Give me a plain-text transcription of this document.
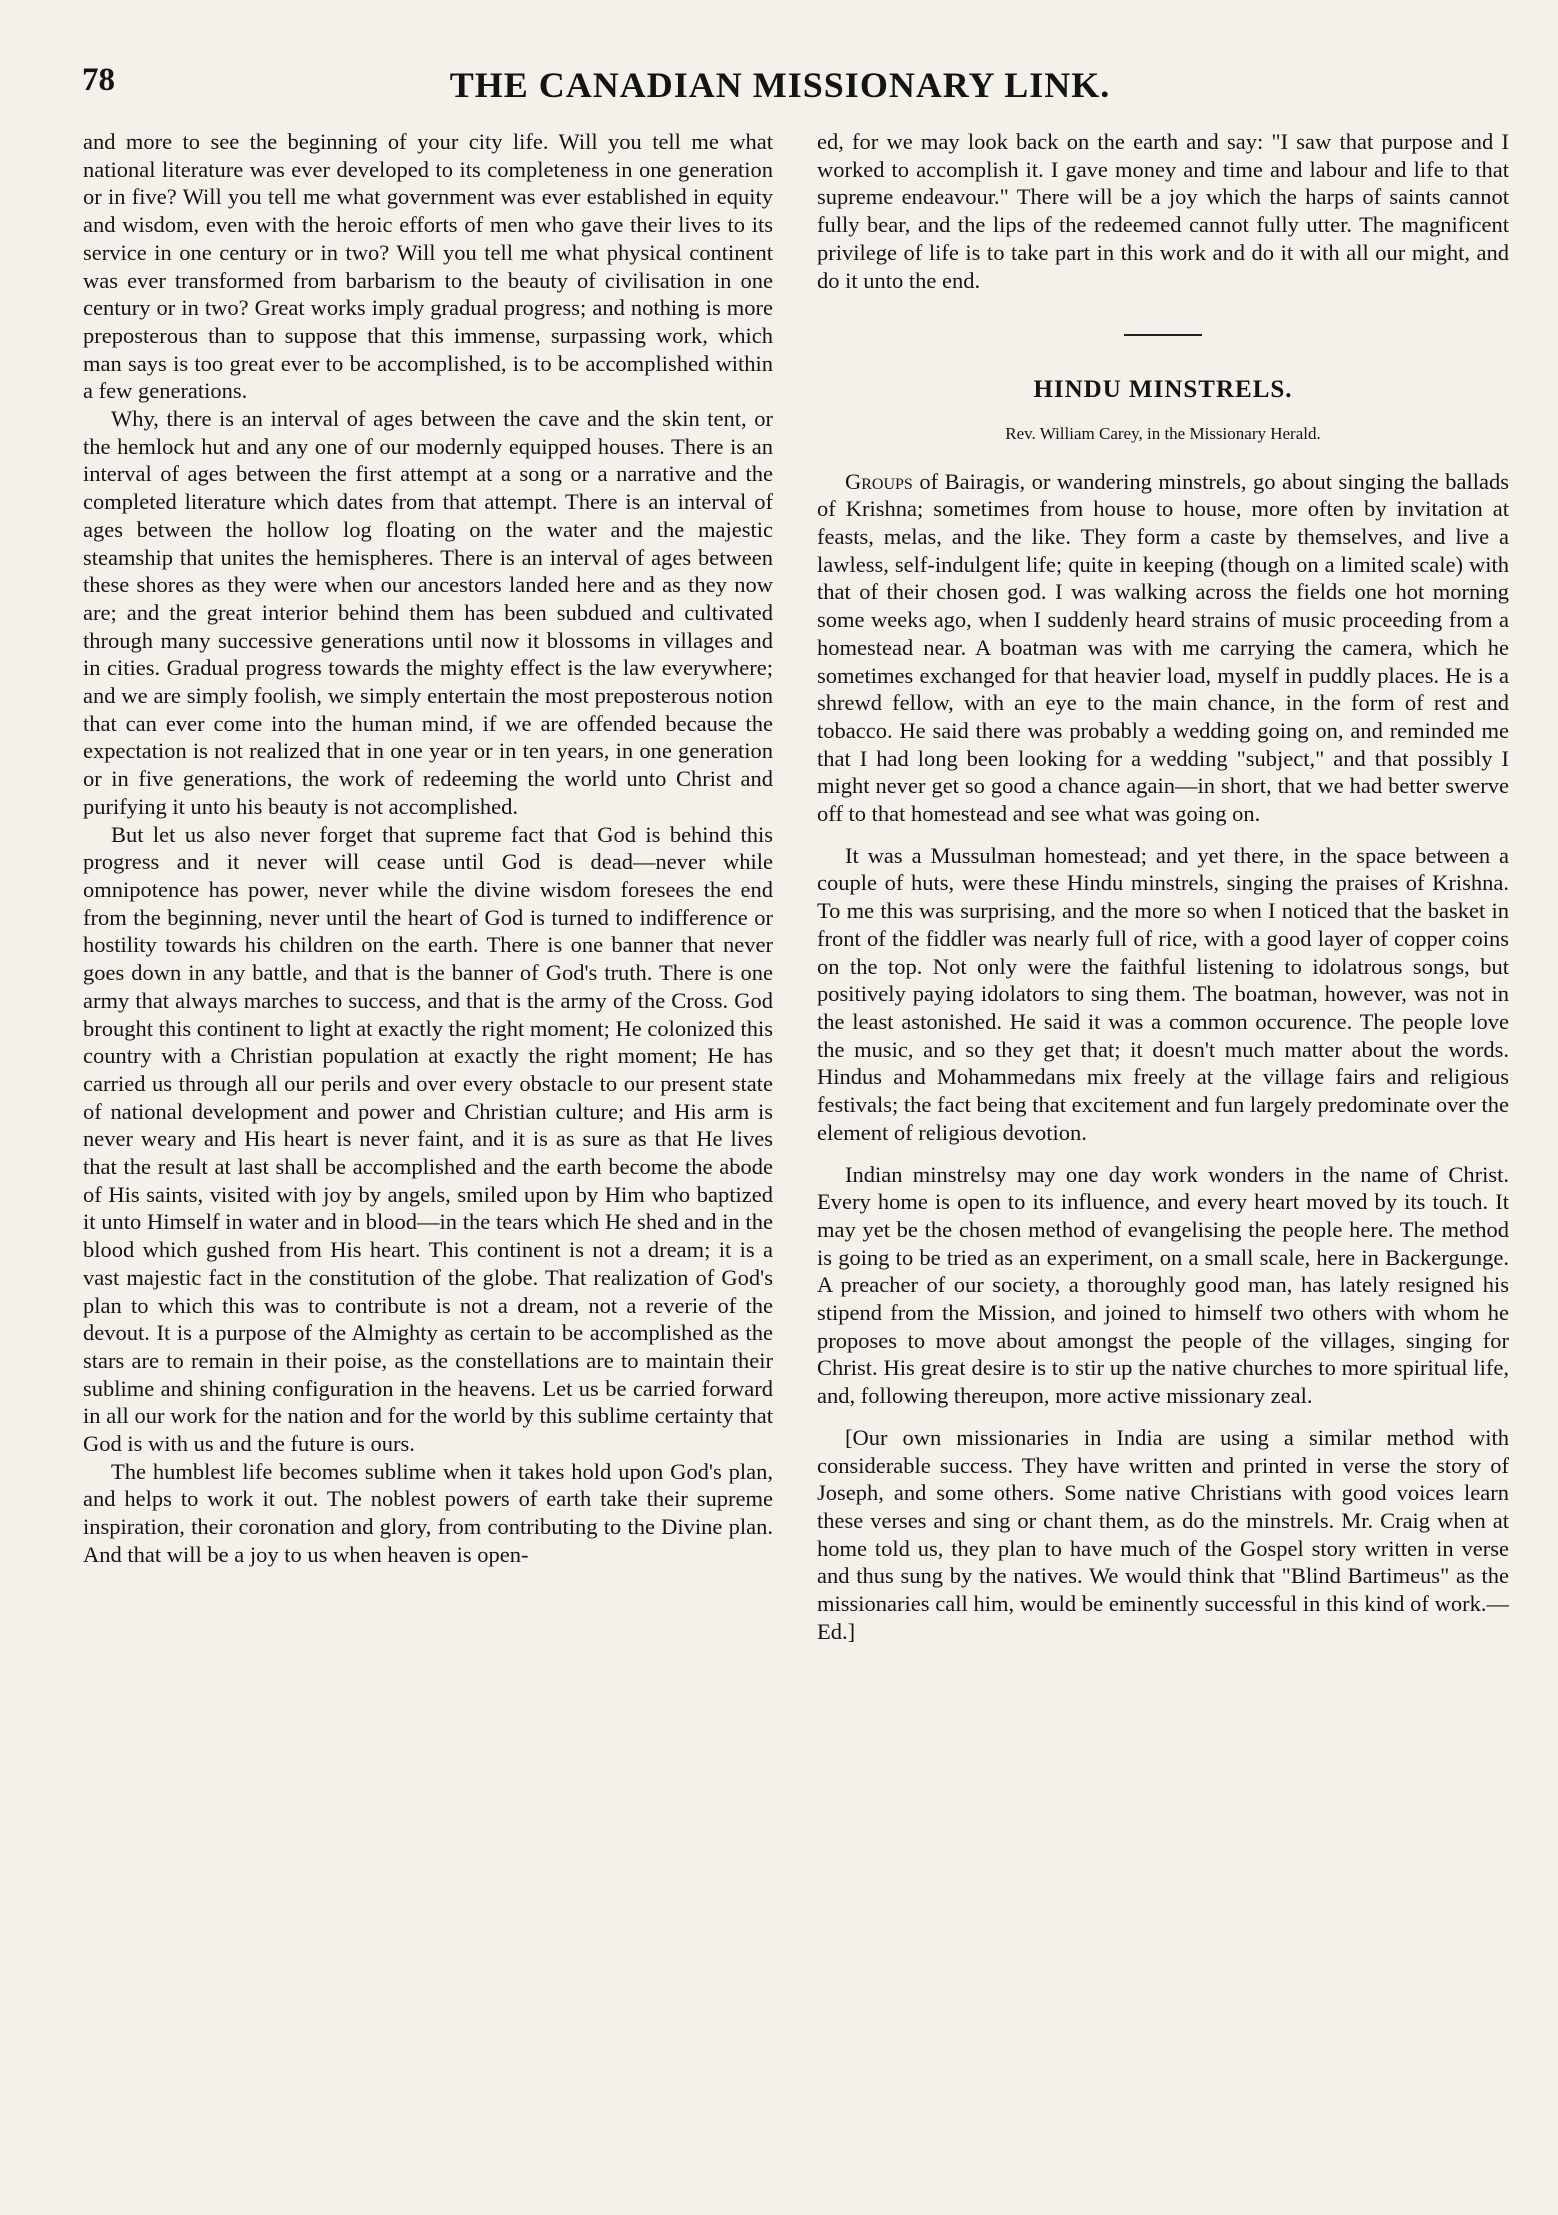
78	THE CANADIAN MISSIONARY LINK.

and more to see the beginning of your city life. Will you tell me what national literature was ever developed to its completeness in one generation or in five? Will you tell me what government was ever established in equity and wisdom, even with the heroic efforts of men who gave their lives to its service in one century or in two? Will you tell me what physical continent was ever transformed from barbarism to the beauty of civilisation in one century or in two? Great works imply gradual progress; and nothing is more preposterous than to suppose that this immense, surpassing work, which man says is too great ever to be accomplished, is to be accomplished within a few generations.

Why, there is an interval of ages between the cave and the skin tent, or the hemlock hut and any one of our modernly equipped houses. There is an interval of ages between the first attempt at a song or a narrative and the completed literature which dates from that attempt. There is an interval of ages between the hollow log floating on the water and the majestic steamship that unites the hemispheres. There is an interval of ages between these shores as they were when our ancestors landed here and as they now are; and the great interior behind them has been subdued and cultivated through many successive generations until now it blossoms in villages and in cities. Gradual progress towards the mighty effect is the law everywhere; and we are simply foolish, we simply entertain the most preposterous notion that can ever come into the human mind, if we are offended because the expectation is not realized that in one year or in ten years, in one generation or in five generations, the work of redeeming the world unto Christ and purifying it unto his beauty is not accomplished.

But let us also never forget that supreme fact that God is behind this progress and it never will cease until God is dead—never while omnipotence has power, never while the divine wisdom foresees the end from the beginning, never until the heart of God is turned to indifference or hostility towards his children on the earth. There is one banner that never goes down in any battle, and that is the banner of God's truth. There is one army that always marches to success, and that is the army of the Cross. God brought this continent to light at exactly the right moment; He colonized this country with a Christian population at exactly the right moment; He has carried us through all our perils and over every obstacle to our present state of national development and power and Christian culture; and His arm is never weary and His heart is never faint, and it is as sure as that He lives that the result at last shall be accomplished and the earth become the abode of His saints, visited with joy by angels, smiled upon by Him who baptized it unto Himself in water and in blood—in the tears which He shed and in the blood which gushed from His heart. This continent is not a dream; it is a vast majestic fact in the constitution of the globe. That realization of God's plan to which this was to contribute is not a dream, not a reverie of the devout. It is a purpose of the Almighty as certain to be accomplished as the stars are to remain in their poise, as the constellations are to maintain their sublime and shining configuration in the heavens. Let us be carried forward in all our work for the nation and for the world by this sublime certainty that God is with us and the future is ours.

The humblest life becomes sublime when it takes hold upon God's plan, and helps to work it out. The noblest powers of earth take their supreme inspiration, their coronation and glory, from contributing to the Divine plan. And that will be a joy to us when heaven is open-

ed, for we may look back on the earth and say: "I saw that purpose and I worked to accomplish it. I gave money and time and labour and life to that supreme endeavour." There will be a joy which the harps of saints cannot fully bear, and the lips of the redeemed cannot fully utter. The magnificent privilege of life is to take part in this work and do it with all our might, and do it unto the end.

HINDU MINSTRELS.
Rev. William Carey, in the Missionary Herald.

Groups of Bairagis, or wandering minstrels, go about singing the ballads of Krishna; sometimes from house to house, more often by invitation at feasts, melas, and the like. They form a caste by themselves, and live a lawless, self-indulgent life; quite in keeping (though on a limited scale) with that of their chosen god. I was walking across the fields one hot morning some weeks ago, when I suddenly heard strains of music proceeding from a homestead near. A boatman was with me carrying the camera, which he sometimes exchanged for that heavier load, myself in puddly places. He is a shrewd fellow, with an eye to the main chance, in the form of rest and tobacco. He said there was probably a wedding going on, and reminded me that I had long been looking for a wedding "subject," and that possibly I might never get so good a chance again—in short, that we had better swerve off to that homestead and see what was going on.

It was a Mussulman homestead; and yet there, in the space between a couple of huts, were these Hindu minstrels, singing the praises of Krishna. To me this was surprising, and the more so when I noticed that the basket in front of the fiddler was nearly full of rice, with a good layer of copper coins on the top. Not only were the faithful listening to idolatrous songs, but positively paying idolators to sing them. The boatman, however, was not in the least astonished. He said it was a common occurence. The people love the music, and so they get that; it doesn't much matter about the words. Hindus and Mohammedans mix freely at the village fairs and religious festivals; the fact being that excitement and fun largely predominate over the element of religious devotion.

Indian minstrelsy may one day work wonders in the name of Christ. Every home is open to its influence, and every heart moved by its touch. It may yet be the chosen method of evangelising the people here. The method is going to be tried as an experiment, on a small scale, here in Backergunge. A preacher of our society, a thoroughly good man, has lately resigned his stipend from the Mission, and joined to himself two others with whom he proposes to move about amongst the people of the villages, singing for Christ. His great desire is to stir up the native churches to more spiritual life, and, following thereupon, more active missionary zeal.

[Our own missionaries in India are using a similar method with considerable success. They have written and printed in verse the story of Joseph, and some others. Some native Christians with good voices learn these verses and sing or chant them, as do the minstrels. Mr. Craig when at home told us, they plan to have much of the Gospel story written in verse and thus sung by the natives. We would think that "Blind Bartimeus" as the missionaries call him, would be eminently successful in this kind of work.—Ed.]
